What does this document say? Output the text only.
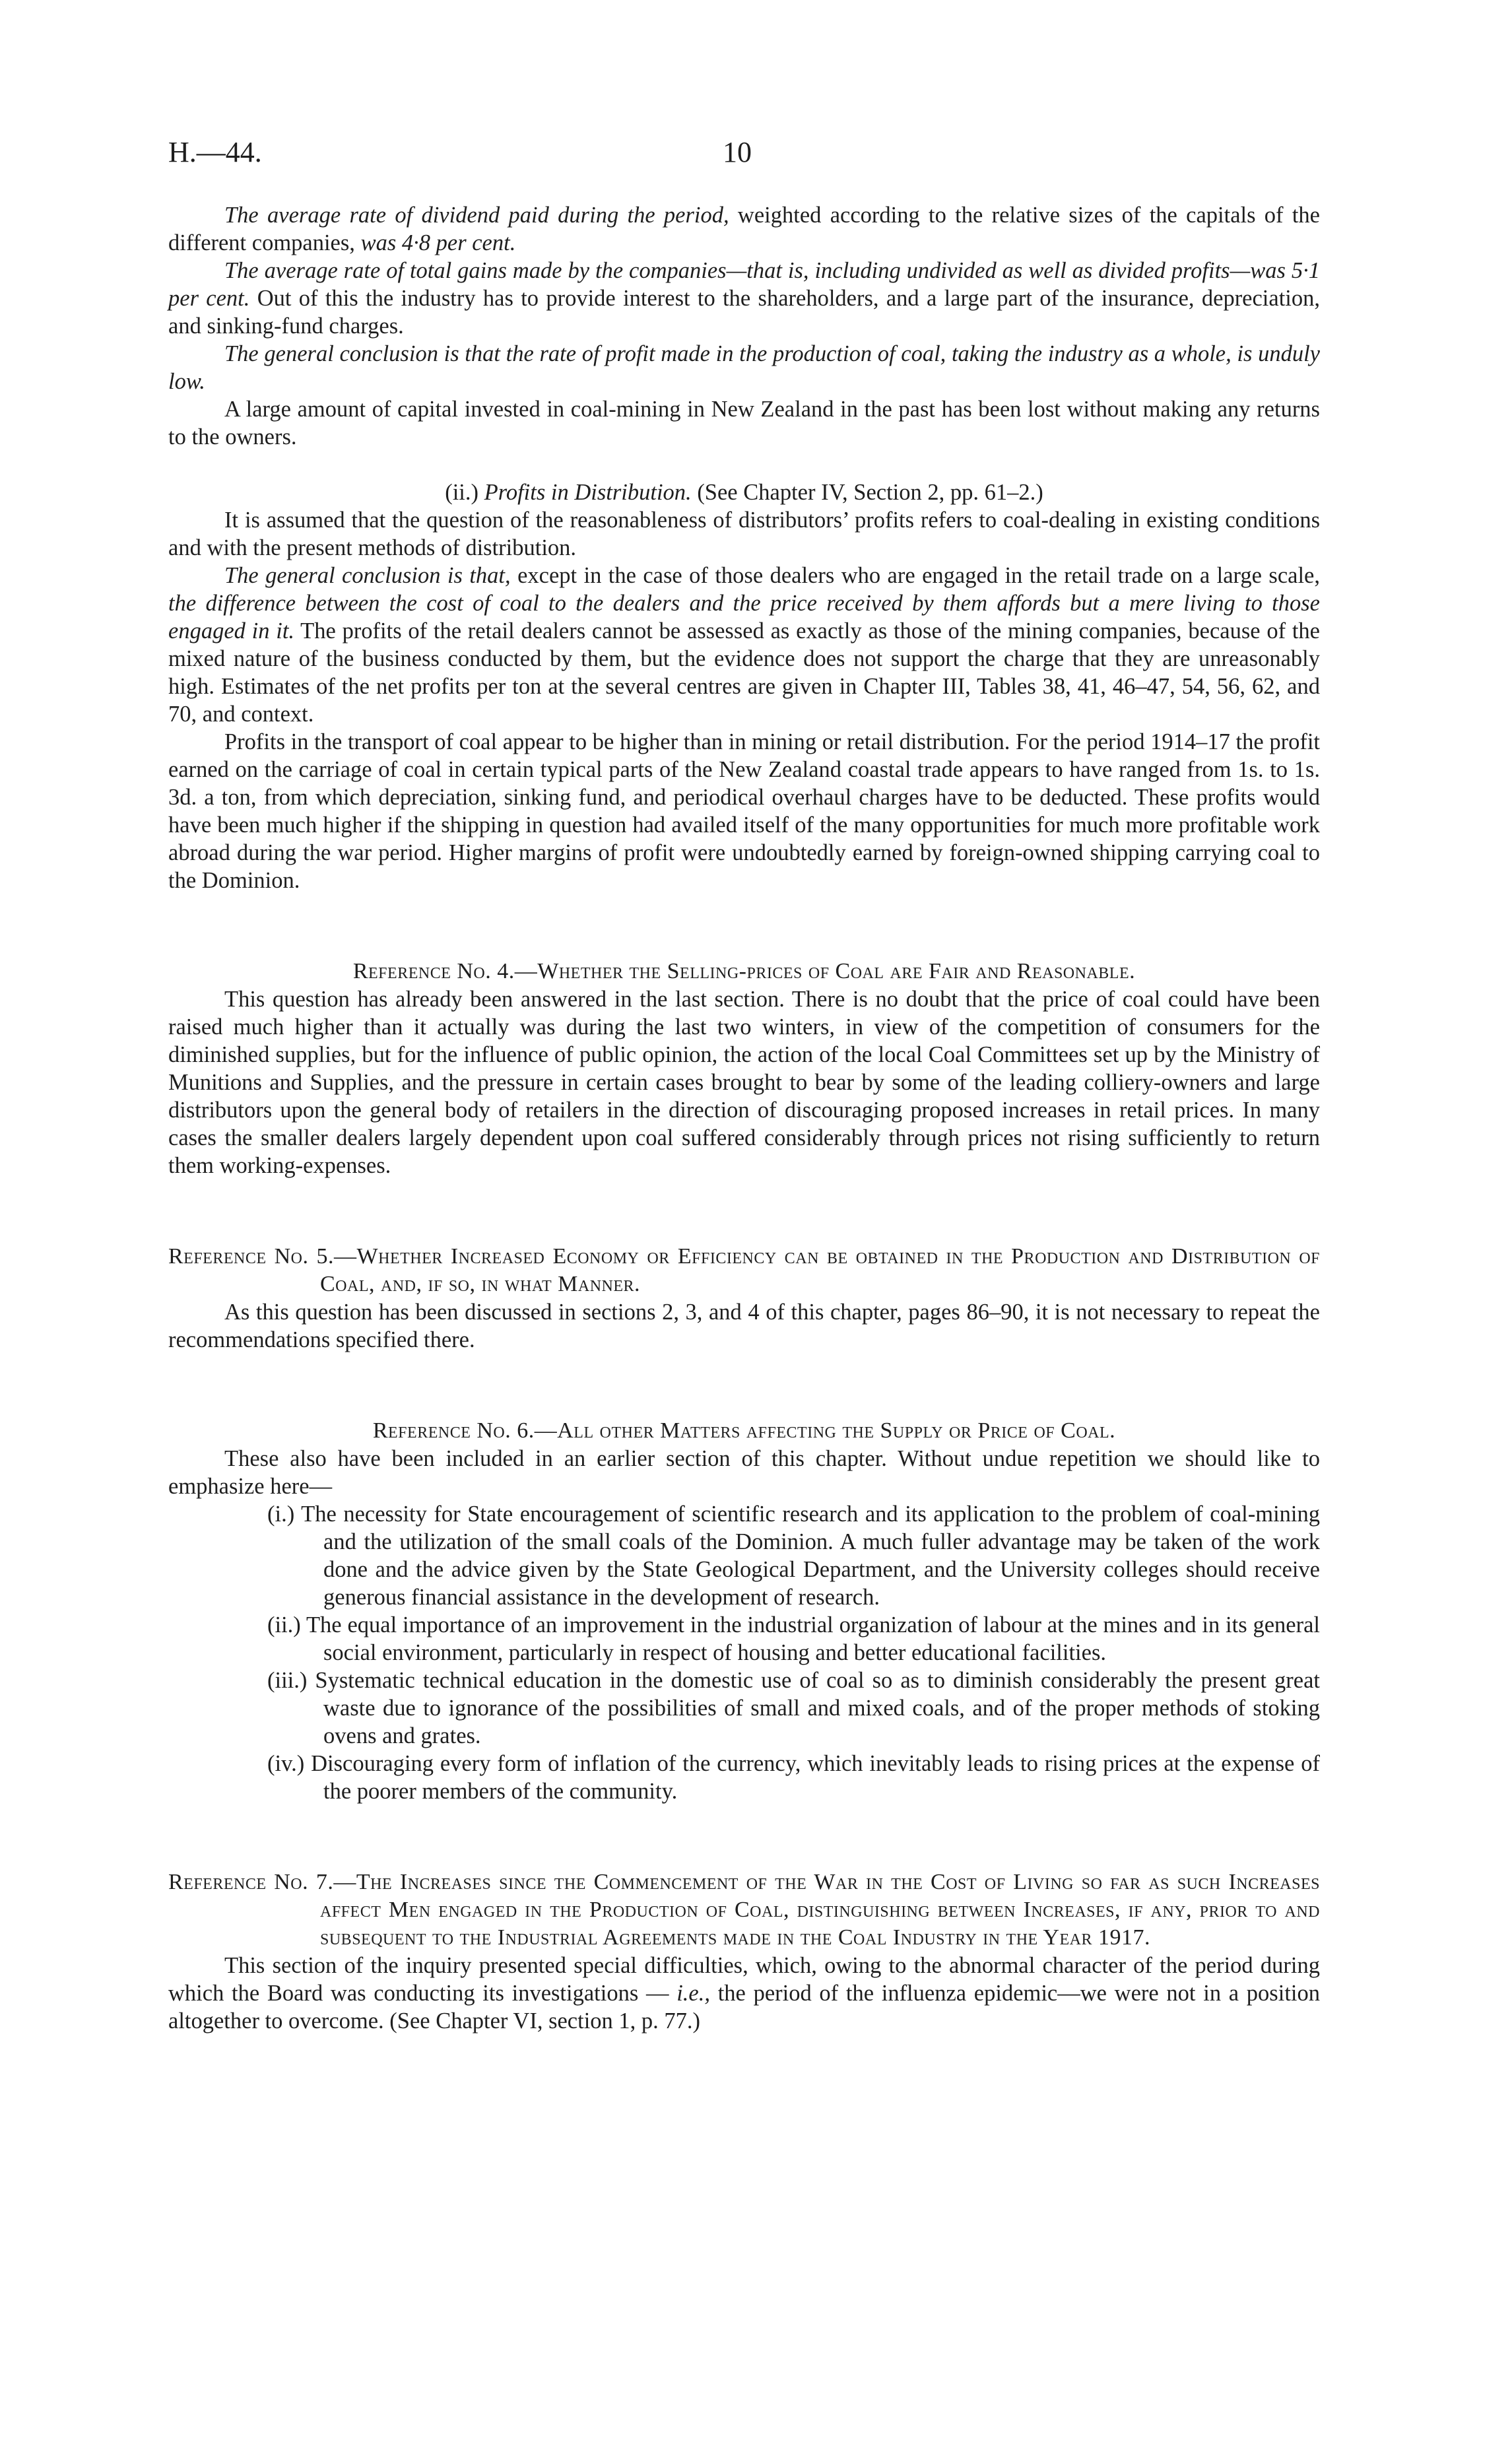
H.—44.	10

The average rate of dividend paid during the period, weighted according to the relative sizes of the capitals of the different companies, was 4·8 per cent.

The average rate of total gains made by the companies—that is, including undivided as well as divided profits—was 5·1 per cent. Out of this the industry has to provide interest to the shareholders, and a large part of the insurance, depreciation, and sinking-fund charges.

The general conclusion is that the rate of profit made in the production of coal, taking the industry as a whole, is unduly low.

A large amount of capital invested in coal-mining in New Zealand in the past has been lost without making any returns to the owners.

(ii.) Profits in Distribution. (See Chapter IV, Section 2, pp. 61–2.)

It is assumed that the question of the reasonableness of distributors’ profits refers to coal-dealing in existing conditions and with the present methods of distribution.

The general conclusion is that, except in the case of those dealers who are engaged in the retail trade on a large scale, the difference between the cost of coal to the dealers and the price received by them affords but a mere living to those engaged in it. The profits of the retail dealers cannot be assessed as exactly as those of the mining companies, because of the mixed nature of the business conducted by them, but the evidence does not support the charge that they are unreasonably high. Estimates of the net profits per ton at the several centres are given in Chapter III, Tables 38, 41, 46–47, 54, 56, 62, and 70, and context.

Profits in the transport of coal appear to be higher than in mining or retail distribution. For the period 1914–17 the profit earned on the carriage of coal in certain typical parts of the New Zealand coastal trade appears to have ranged from 1s. to 1s. 3d. a ton, from which depreciation, sinking fund, and periodical overhaul charges have to be deducted. These profits would have been much higher if the shipping in question had availed itself of the many opportunities for much more profitable work abroad during the war period. Higher margins of profit were undoubtedly earned by foreign-owned shipping carrying coal to the Dominion.

Reference No. 4.—Whether the Selling-prices of Coal are Fair and Reasonable.

This question has already been answered in the last section. There is no doubt that the price of coal could have been raised much higher than it actually was during the last two winters, in view of the competition of consumers for the diminished supplies, but for the influence of public opinion, the action of the local Coal Committees set up by the Ministry of Munitions and Supplies, and the pressure in certain cases brought to bear by some of the leading colliery-owners and large distributors upon the general body of retailers in the direction of discouraging proposed increases in retail prices. In many cases the smaller dealers largely dependent upon coal suffered considerably through prices not rising sufficiently to return them working-expenses.

Reference No. 5.—Whether Increased Economy or Efficiency can be obtained in the Production and Distribution of Coal, and, if so, in what Manner.

As this question has been discussed in sections 2, 3, and 4 of this chapter, pages 86–90, it is not necessary to repeat the recommendations specified there.

Reference No. 6.—All other Matters affecting the Supply or Price of Coal.

These also have been included in an earlier section of this chapter. Without undue repetition we should like to emphasize here—

(i.) The necessity for State encouragement of scientific research and its application to the problem of coal-mining and the utilization of the small coals of the Dominion. A much fuller advantage may be taken of the work done and the advice given by the State Geological Department, and the University colleges should receive generous financial assistance in the development of research.

(ii.) The equal importance of an improvement in the industrial organization of labour at the mines and in its general social environment, particularly in respect of housing and better educational facilities.

(iii.) Systematic technical education in the domestic use of coal so as to diminish considerably the present great waste due to ignorance of the possibilities of small and mixed coals, and of the proper methods of stoking ovens and grates.

(iv.) Discouraging every form of inflation of the currency, which inevitably leads to rising prices at the expense of the poorer members of the community.

Reference No. 7.—The Increases since the Commencement of the War in the Cost of Living so far as such Increases affect Men engaged in the Production of Coal, distinguishing between Increases, if any, prior to and subsequent to the Industrial Agreements made in the Coal Industry in the Year 1917.

This section of the inquiry presented special difficulties, which, owing to the abnormal character of the period during which the Board was conducting its investigations — i.e., the period of the influenza epidemic—we were not in a position altogether to overcome. (See Chapter VI, section 1, p. 77.)
